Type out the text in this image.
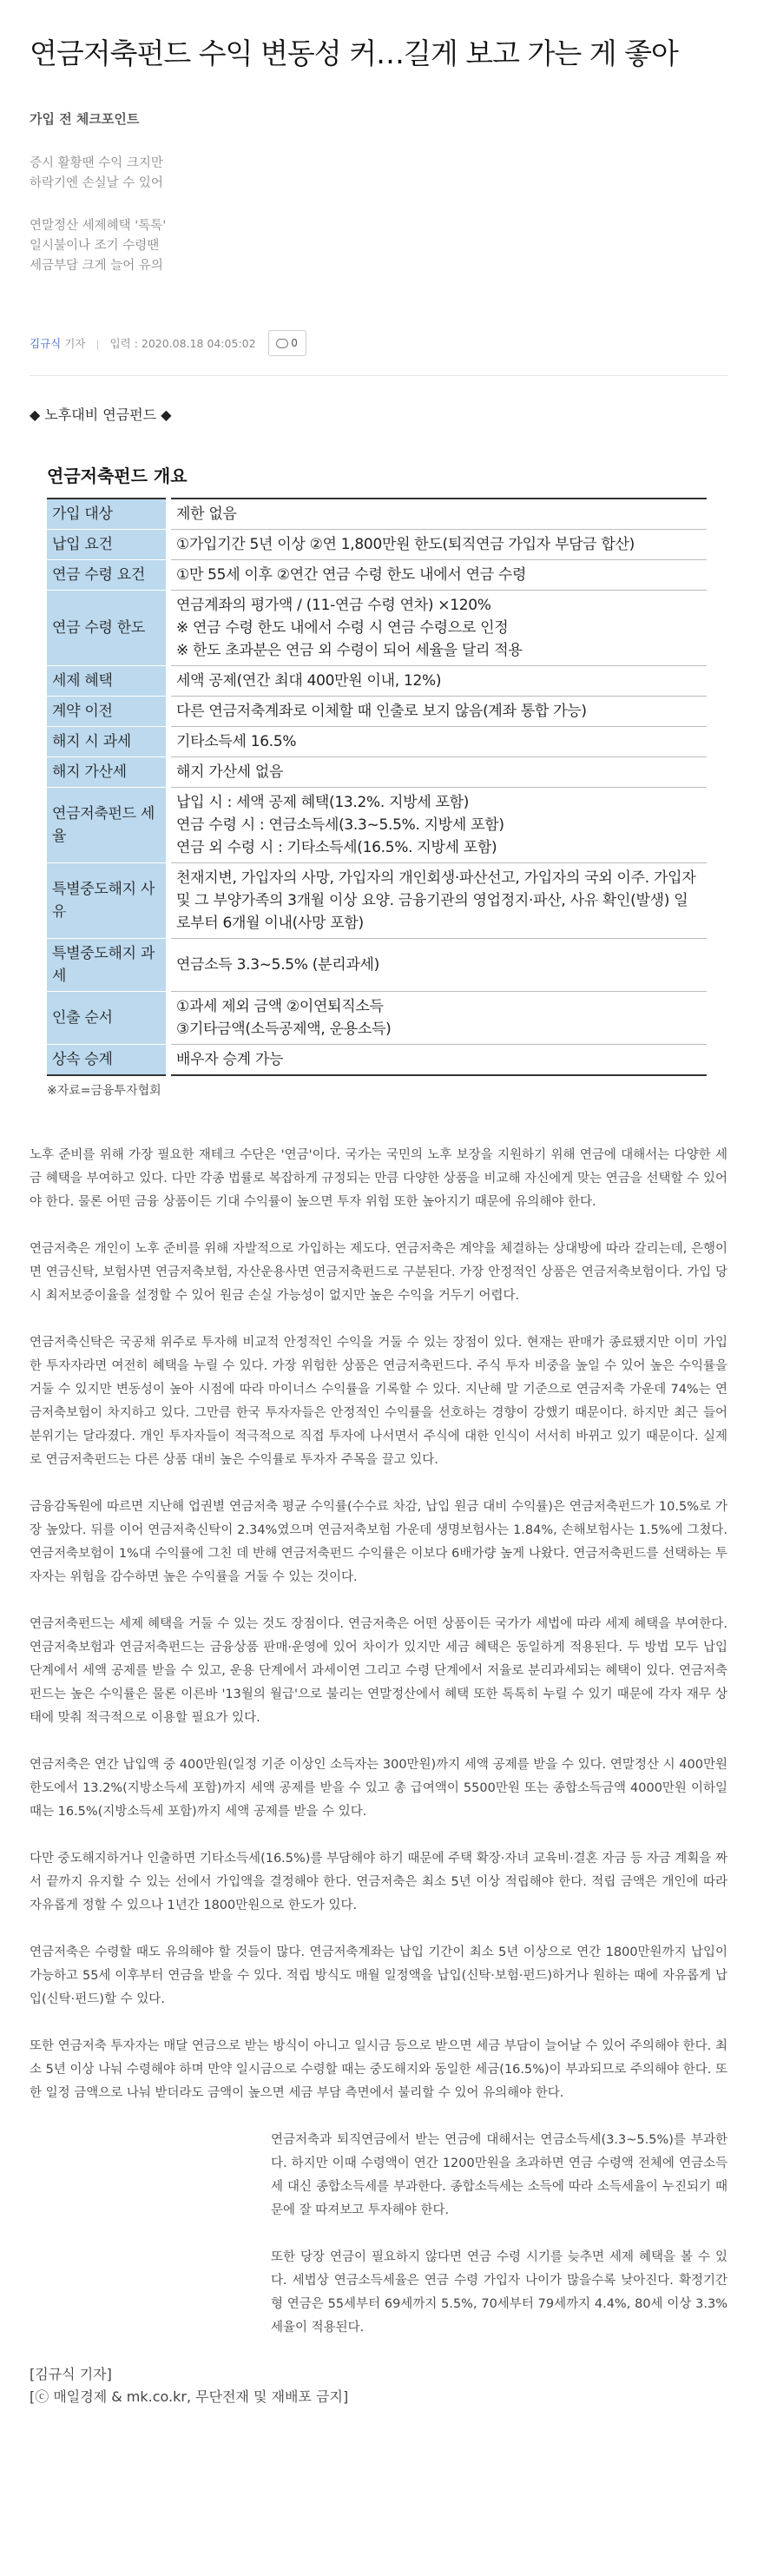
연금저축펀드 수익 변동성 커…길게 보고 가는 게 좋아
가입 전 체크포인트
증시 활황땐 수익 크지만
하락기엔 손실날 수 있어
연말정산 세제혜택 '톡톡'
일시불이나 조기 수령땐
세금부담 크게 늘어 유의
김규식
기자 | 입력 : 2020.08.18 04:05:02	0
◆ 노후대비 연금펀드 ◆
연금저축펀드 개요
가입 대상	제한 없음

납입 요건	①가입기간 5년 이상 ②연 1,800만원 한도(퇴직연금 가입자 부담금 합산)

연금 수령 요건	①만 55세 이후 ②연간 연금 수령 한도 내에서 연금 수령

연금 수령 한도	연금계좌의 평가액 / (11-연금 수령 연차) ×120%
※ 연금 수령 한도 내에서 수령 시 연금 수령으로 인정
※ 한도 초과분은 연금 외 수령이 되어 세율을 달리 적용

세제 혜택	세액 공제(연간 최대 400만원 이내, 12%)

계약 이전	다른 연금저축계좌로 이체할 때 인출로 보지 않음(계좌 통합 가능)

해지 시 과세	기타소득세 16.5%

해지 가산세	해지 가산세 없음

연금저축펀드 세율	납입 시 : 세액 공제 혜택(13.2%. 지방세 포함)
연금 수령 시 : 연금소득세(3.3~5.5%. 지방세 포함)
연금 외 수령 시 : 기타소득세(16.5%. 지방세 포함)

특별중도해지 사유	천재지변, 가입자의 사망, 가입자의 개인회생·파산선고, 가입자의 국외 이주. 가입자 및 그 부양가족의 3개월 이상 요양. 금융기관의 영업정지·파산, 사유 확인(발생) 일로부터 6개월 이내(사망 포함)

특별중도해지 과세	연금소득 3.3~5.5% (분리과세)

인출 순서	①과세 제외 금액 ②이연퇴직소득
③기타금액(소득공제액, 운용소득)

상속 승계	배우자 승계 가능
※자료=금융투자협회

노후 준비를 위해 가장 필요한 재테크 수단은 '연금'이다. 국가는 국민의 노후 보장을 지원하기 위해 연금에 대해서는 다양한 세금 혜택을 부여하고 있다. 다만 각종 법률로 복잡하게 규정되는 만큼 다양한 상품을 비교해 자신에게 맞는 연금을 선택할 수 있어야 한다. 물론 어떤 금융 상품이든 기대 수익률이 높으면 투자 위험 또한 높아지기 때문에 유의해야 한다.

연금저축은 개인이 노후 준비를 위해 자발적으로 가입하는 제도다. 연금저축은 계약을 체결하는 상대방에 따라 갈리는데, 은행이면 연금신탁, 보험사면 연금저축보험, 자산운용사면 연금저축펀드로 구분된다. 가장 안정적인 상품은 연금저축보험이다. 가입 당시 최저보증이율을 설정할 수 있어 원금 손실 가능성이 없지만 높은 수익을 거두기 어렵다.

연금저축신탁은 국공채 위주로 투자해 비교적 안정적인 수익을 거둘 수 있는 장점이 있다. 현재는 판매가 종료됐지만 이미 가입한 투자자라면 여전히 혜택을 누릴 수 있다. 가장 위험한 상품은 연금저축펀드다. 주식 투자 비중을 높일 수 있어 높은 수익률을 거둘 수 있지만 변동성이 높아 시점에 따라 마이너스 수익률을 기록할 수 있다. 지난해 말 기준으로 연금저축 가운데 74%는 연금저축보험이 차지하고 있다. 그만큼 한국 투자자들은 안정적인 수익률을 선호하는 경향이 강했기 때문이다. 하지만 최근 들어 분위기는 달라졌다. 개인 투자자들이 적극적으로 직접 투자에 나서면서 주식에 대한 인식이 서서히 바뀌고 있기 때문이다. 실제로 연금저축펀드는 다른 상품 대비 높은 수익률로 투자자 주목을 끌고 있다.

금융감독원에 따르면 지난해 업권별 연금저축 평균 수익률(수수료 차감, 납입 원금 대비 수익률)은 연금저축펀드가 10.5%로 가장 높았다. 뒤를 이어 연금저축신탁이 2.34%였으며 연금저축보험 가운데 생명보험사는 1.84%, 손해보험사는 1.5%에 그쳤다. 연금저축보험이 1%대 수익률에 그친 데 반해 연금저축펀드 수익률은 이보다 6배가량 높게 나왔다. 연금저축펀드를 선택하는 투자자는 위험을 감수하면 높은 수익률을 거둘 수 있는 것이다.

연금저축펀드는 세제 혜택을 거둘 수 있는 것도 장점이다. 연금저축은 어떤 상품이든 국가가 세법에 따라 세제 혜택을 부여한다. 연금저축보험과 연금저축펀드는 금융상품 판매·운영에 있어 차이가 있지만 세금 혜택은 동일하게 적용된다. 두 방법 모두 납입 단계에서 세액 공제를 받을 수 있고, 운용 단계에서 과세이연 그리고 수령 단계에서 저율로 분리과세되는 혜택이 있다. 연금저축펀드는 높은 수익률은 물론 이른바 '13월의 월급'으로 불리는 연말정산에서 혜택 또한 톡톡히 누릴 수 있기 때문에 각자 재무 상태에 맞춰 적극적으로 이용할 필요가 있다.

연금저축은 연간 납입액 중 400만원(일정 기준 이상인 소득자는 300만원)까지 세액 공제를 받을 수 있다. 연말정산 시 400만원 한도에서 13.2%(지방소득세 포함)까지 세액 공제를 받을 수 있고 총 급여액이 5500만원 또는 종합소득금액 4000만원 이하일 때는 16.5%(지방소득세 포함)까지 세액 공제를 받을 수 있다.

다만 중도해지하거나 인출하면 기타소득세(16.5%)를 부담해야 하기 때문에 주택 확장·자녀 교육비·결혼 자금 등 자금 계획을 짜서 끝까지 유지할 수 있는 선에서 가입액을 결정해야 한다. 연금저축은 최소 5년 이상 적립해야 한다. 적립 금액은 개인에 따라 자유롭게 정할 수 있으나 1년간 1800만원으로 한도가 있다.

연금저축은 수령할 때도 유의해야 할 것들이 많다. 연금저축계좌는 납입 기간이 최소 5년 이상으로 연간 1800만원까지 납입이 가능하고 55세 이후부터 연금을 받을 수 있다. 적립 방식도 매월 일정액을 납입(신탁·보험·펀드)하거나 원하는 때에 자유롭게 납입(신탁·펀드)할 수 있다.

또한 연금저축 투자자는 매달 연금으로 받는 방식이 아니고 일시금 등으로 받으면 세금 부담이 늘어날 수 있어 주의해야 한다. 최소 5년 이상 나눠 수령해야 하며 만약 일시금으로 수령할 때는 중도해지와 동일한 세금(16.5%)이 부과되므로 주의해야 한다. 또한 일정 금액으로 나눠 받더라도 금액이 높으면 세금 부담 측면에서 불리할 수 있어 유의해야 한다.

연금저축과 퇴직연금에서 받는 연금에 대해서는 연금소득세(3.3~5.5%)를 부과한다. 하지만 이때 수령액이 연간 1200만원을 초과하면 연금 수령액 전체에 연금소득세 대신 종합소득세를 부과한다. 종합소득세는 소득에 따라 소득세율이 누진되기 때문에 잘 따져보고 투자해야 한다.

또한 당장 연금이 필요하지 않다면 연금 수령 시기를 늦추면 세제 혜택을 볼 수 있다. 세법상 연금소득세율은 연금 수령 가입자 나이가 많을수록 낮아진다. 확정기간형 연금은 55세부터 69세까지 5.5%, 70세부터 79세까지 4.4%, 80세 이상 3.3% 세율이 적용된다.

[김규식 기자]
[ⓒ 매일경제 & mk.co.kr, 무단전재 및 재배포 금지]
